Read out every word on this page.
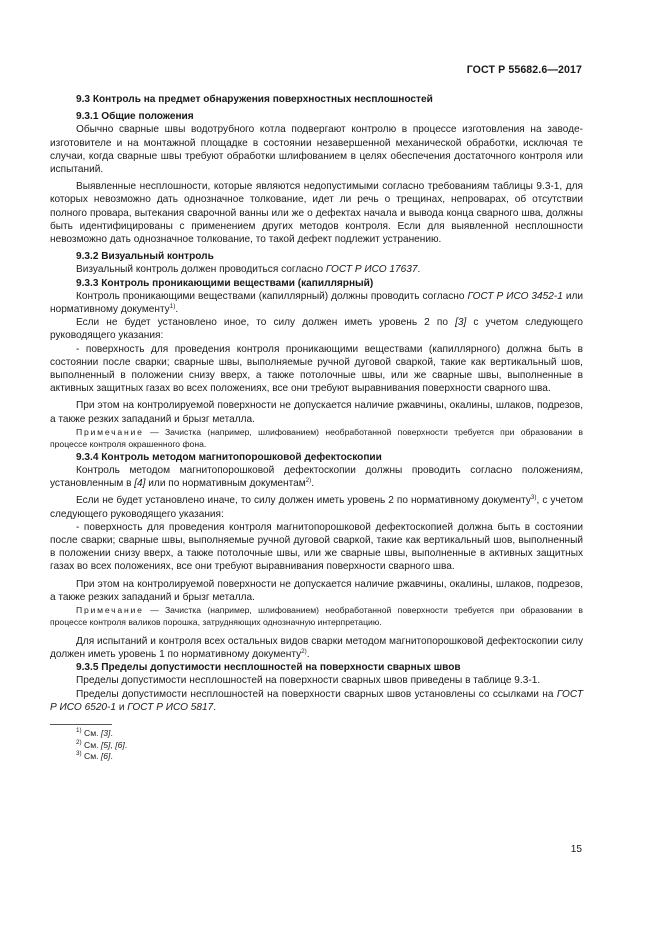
ГОСТ Р 55682.6—2017

9.3 Контроль на предмет обнаружения поверхностных несплошностей

9.3.1 Общие положения

Обычно сварные швы водотрубного котла подвергают контролю в процессе изготовления на заводе-изготовителе и на монтажной площадке в состоянии незавершенной механической обработки, исключая те случаи, когда сварные швы требуют обработки шлифованием в целях обеспечения достаточного контроля или испытаний.

Выявленные несплошности, которые являются недопустимыми согласно требованиям таблицы 9.3-1, для которых невозможно дать однозначное толкование, идет ли речь о трещинах, непроварах, об отсутствии полного провара, вытекания сварочной ванны или же о дефектах начала и вывода конца сварного шва, должны быть идентифицированы с применением других методов контроля. Если для выявленной несплошности невозможно дать однозначное толкование, то такой дефект подлежит устранению.

9.3.2 Визуальный контроль

Визуальный контроль должен проводиться согласно ГОСТ Р ИСО 17637.

9.3.3 Контроль проникающими веществами (капиллярный)

Контроль проникающими веществами (капиллярный) должны проводить согласно ГОСТ Р ИСО 3452-1 или нормативному документу$^{1)}$.

Если не будет установлено иное, то силу должен иметь уровень 2 по [3] с учетом следующего руководящего указания:

- поверхность для проведения контроля проникающими веществами (капиллярного) должна быть в состоянии после сварки; сварные швы, выполняемые ручной дуговой сваркой, такие как вертикальный шов, выполненный в положении снизу вверх, а также потолочные швы, или же сварные швы, выполненные в активных защитных газах во всех положениях, все они требуют выравнивания поверхности сварного шва.

При этом на контролируемой поверхности не допускается наличие ржавчины, окалины, шлаков, подрезов, а также резких западаний и брызг металла.

Примечание — Зачистка (например, шлифованием) необработанной поверхности требуется при образовании в процессе контроля окрашенного фона.

9.3.4 Контроль методом магнитопорошковой дефектоскопии

Контроль методом магнитопорошковой дефектоскопии должны проводить согласно положениям, установленным в [4] или по нормативным документам$^{2)}$.

Если не будет установлено иначе, то силу должен иметь уровень 2 по нормативному документу$^{3)}$, с учетом следующего руководящего указания:

- поверхность для проведения контроля магнитопорошковой дефектоскопией должна быть в состоянии после сварки; сварные швы, выполняемые ручной дуговой сваркой, такие как вертикальный шов, выполненный в положении снизу вверх, а также потолочные швы, или же сварные швы, выполненные в активных защитных газах во всех положениях, все они требуют выравнивания поверхности сварного шва.

При этом на контролируемой поверхности не допускается наличие ржавчины, окалины, шлаков, подрезов, а также резких западаний и брызг металла.

Примечание — Зачистка (например, шлифованием) необработанной поверхности требуется при образовании в процессе контроля валиков порошка, затрудняющих однозначную интерпретацию.

Для испытаний и контроля всех остальных видов сварки методом магнитопорошковой дефектоскопии силу должен иметь уровень 1 по нормативному документу$^{2)}$.

9.3.5 Пределы допустимости несплошностей на поверхности сварных швов

Пределы допустимости несплошностей на поверхности сварных швов приведены в таблице 9.3-1.

Пределы допустимости несплошностей на поверхности сварных швов установлены со ссылками на ГОСТ Р ИСО 6520-1 и ГОСТ Р ИСО 5817.

$^{1)}$ См. [3].
$^{2)}$ См. [5], [6].
$^{3)}$ См. [6].
15
